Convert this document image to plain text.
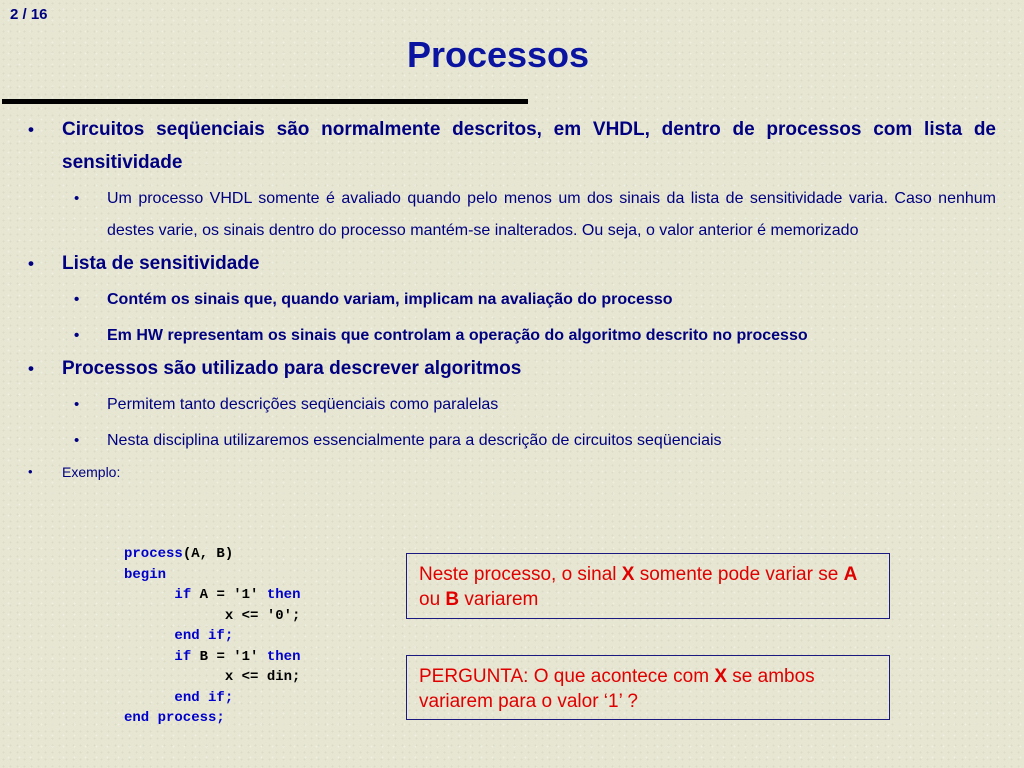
2 / 16
Processos
• Circuitos seqüenciais são normalmente descritos, em VHDL, dentro de processos com lista de sensitividade
• Um processo VHDL somente é avaliado quando pelo menos um dos sinais da lista de sensitividade varia. Caso nenhum destes varie, os sinais dentro do processo mantém-se inalterados. Ou seja, o valor anterior é memorizado
• Lista de sensitividade
• Contém os sinais que, quando variam, implicam na avaliação do processo
• Em HW representam os sinais que controlam a operação do algoritmo descrito no processo
• Processos são utilizado para descrever algoritmos
• Permitem tanto descrições seqüenciais como paralelas
• Nesta disciplina utilizaremos essencialmente para a descrição de circuitos seqüenciais
• Exemplo:
process(A, B)
begin
if A = '1' then
x <= '0';
end if;
if B = '1' then
x <= din;
end if;
end process;
Neste processo, o sinal X somente pode variar se A ou B variarem
PERGUNTA: O que acontece com X se ambos variarem para o valor ‘1’ ?
